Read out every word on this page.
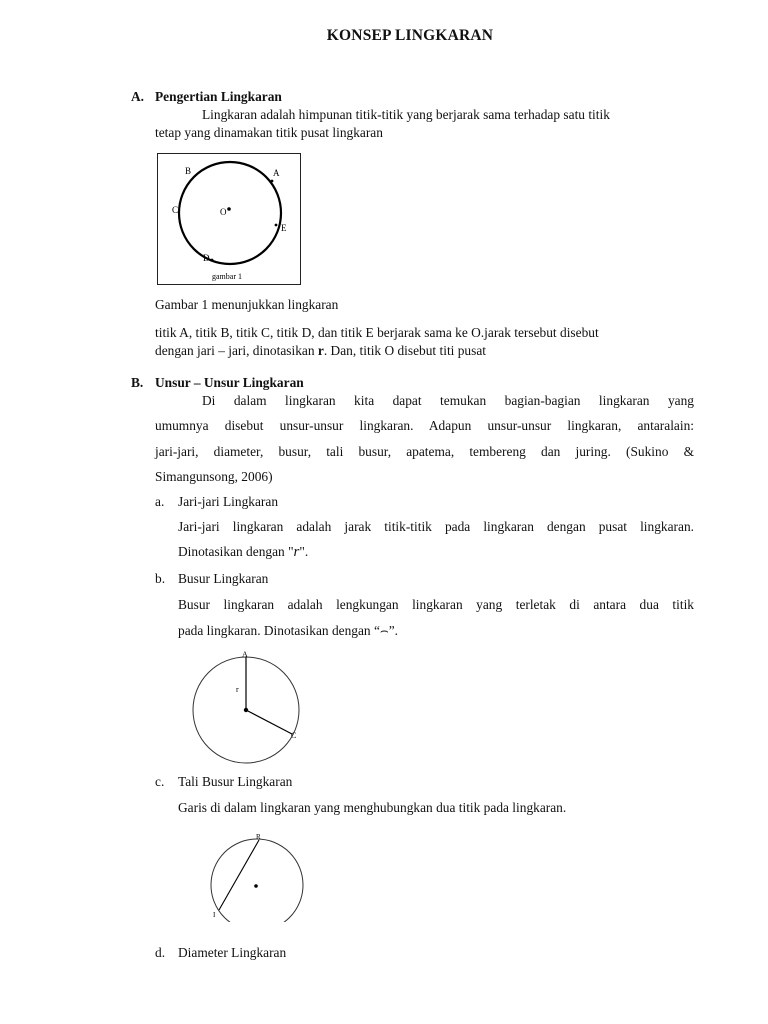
KONSEP LINGKARAN
A. Pengertian Lingkaran
Lingkaran adalah himpunan titik-titik yang berjarak sama terhadap satu titik
tetap yang dinamakan titik pusat lingkaran
B	A
C	O
E
D
gambar 1
Gambar 1 menunjukkan lingkaran
titik A, titik B, titik C, titik D, dan titik E berjarak sama ke O.jarak tersebut disebut
dengan jari – jari, dinotasikan r. Dan, titik O disebut titi pusat
B. Unsur – Unsur Lingkaran
Di dalam lingkaran kita dapat temukan bagian-bagian lingkaran yang
umumnya disebut unsur-unsur lingkaran. Adapun unsur-unsur lingkaran, antaralain:
jari-jari, diameter, busur, tali busur, apatema, tembereng dan juring. (Sukino &
Simangunsong, 2006)
a. Jari-jari Lingkaran
Jari-jari lingkaran adalah jarak titik-titik pada lingkaran dengan pusat lingkaran.
Dinotasikan dengan "r".
b. Busur Lingkaran
Busur lingkaran adalah lengkungan lingkaran yang terletak di antara dua titik
pada lingkaran. Dinotasikan dengan “⌢”.
A
r
C
c. Tali Busur Lingkaran
Garis di dalam lingkaran yang menghubungkan dua titik pada lingkaran.
R
I
d. Diameter Lingkaran
